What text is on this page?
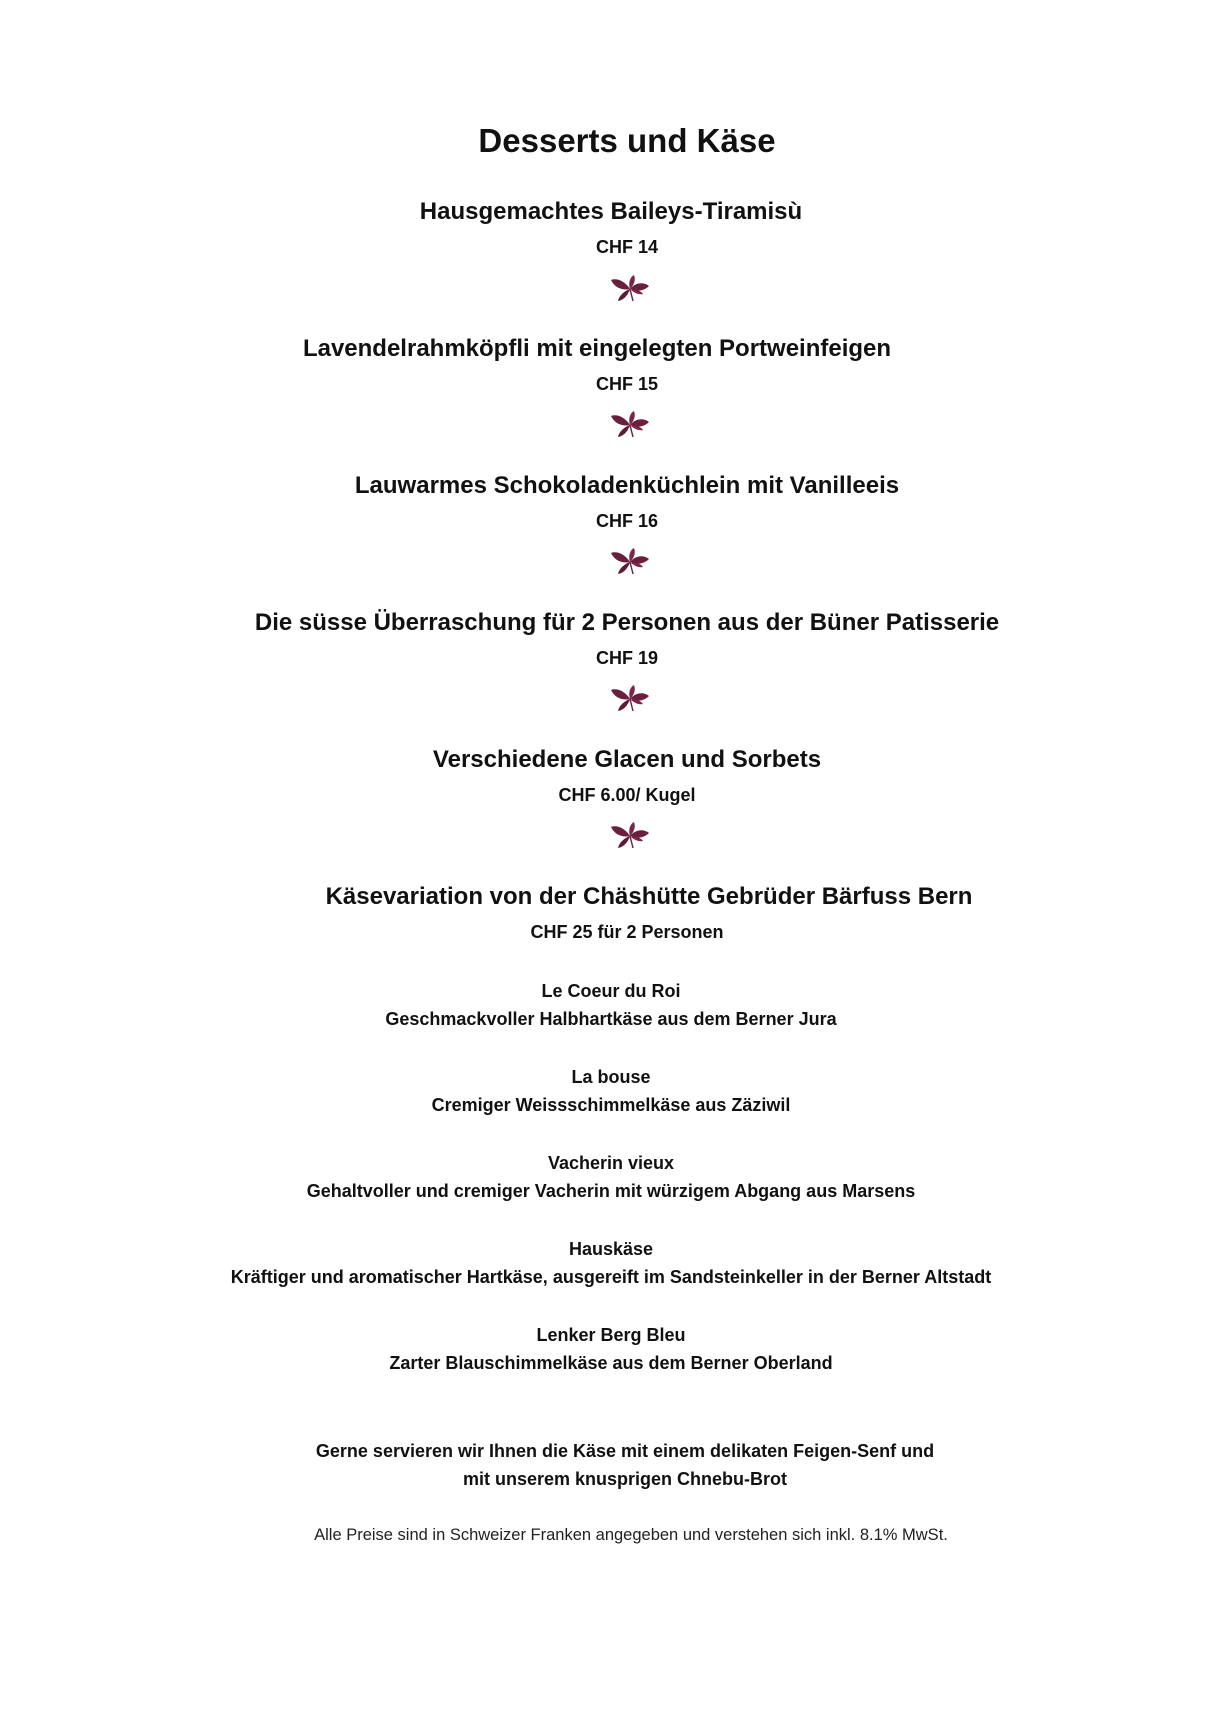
Desserts und Käse
Hausgemachtes Baileys-Tiramisù
CHF 14
Lavendelrahmköpfli mit eingelegten Portweinfeigen
CHF 15
Lauwarmes Schokoladenküchlein mit Vanilleeis
CHF 16
Die süsse Überraschung für 2 Personen aus der Büner Patisserie
CHF 19
Verschiedene Glacen und Sorbets
CHF 6.00/ Kugel
Käsevariation von der Chäshütte Gebrüder Bärfuss Bern
CHF 25 für 2 Personen
Le Coeur du Roi
Geschmackvoller Halbhartkäse aus dem Berner Jura
La bouse
Cremiger Weissschimmelkäse aus Zäziwil
Vacherin vieux
Gehaltvoller und cremiger Vacherin mit würzigem Abgang aus Marsens
Hauskäse
Kräftiger und aromatischer Hartkäse, ausgereift im Sandsteinkeller in der Berner Altstadt
Lenker Berg Bleu
Zarter Blauschimmelkäse aus dem Berner Oberland
Gerne servieren wir Ihnen die Käse mit einem delikaten Feigen-Senf und
mit unserem knusprigen Chnebu-Brot
Alle Preise sind in Schweizer Franken angegeben und verstehen sich inkl. 8.1% MwSt.
